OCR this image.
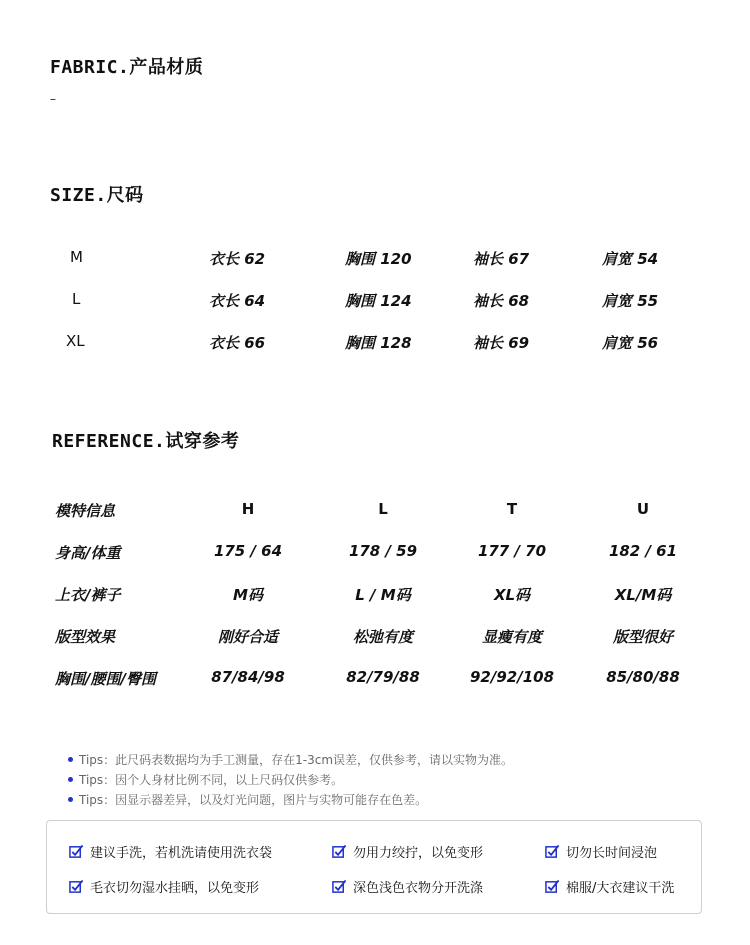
FABRIC.产品材质
–
SIZE.尺码
M	衣长 62	胸围 120	袖长 67	肩宽 54
L	衣长 64	胸围 124	袖长 68	肩宽 55
XL	衣长 66	胸围 128	袖长 69	肩宽 56
REFERENCE.试穿参考
模特信息	H	L	T	U
身高/体重	175 / 64	178 / 59	177 / 70	182 / 61
上衣/裤子	M码	L / M码	XL码	XL/M码
版型效果	刚好合适	松弛有度	显瘦有度	版型很好
胸围/腰围/臀围	87/84/98	82/79/88	92/92/108	85/80/88
Tips：此尺码表数据均为手工测量，存在1-3cm误差，仅供参考，请以实物为准。
Tips：因个人身材比例不同，以上尺码仅供参考。
Tips：因显示器差异，以及灯光问题，图片与实物可能存在色差。
建议手洗，若机洗请使用洗衣袋	勿用力绞拧，以免变形	切勿长时间浸泡
毛衣切勿湿水挂晒，以免变形	深色浅色衣物分开洗涤	棉服/大衣建议干洗
